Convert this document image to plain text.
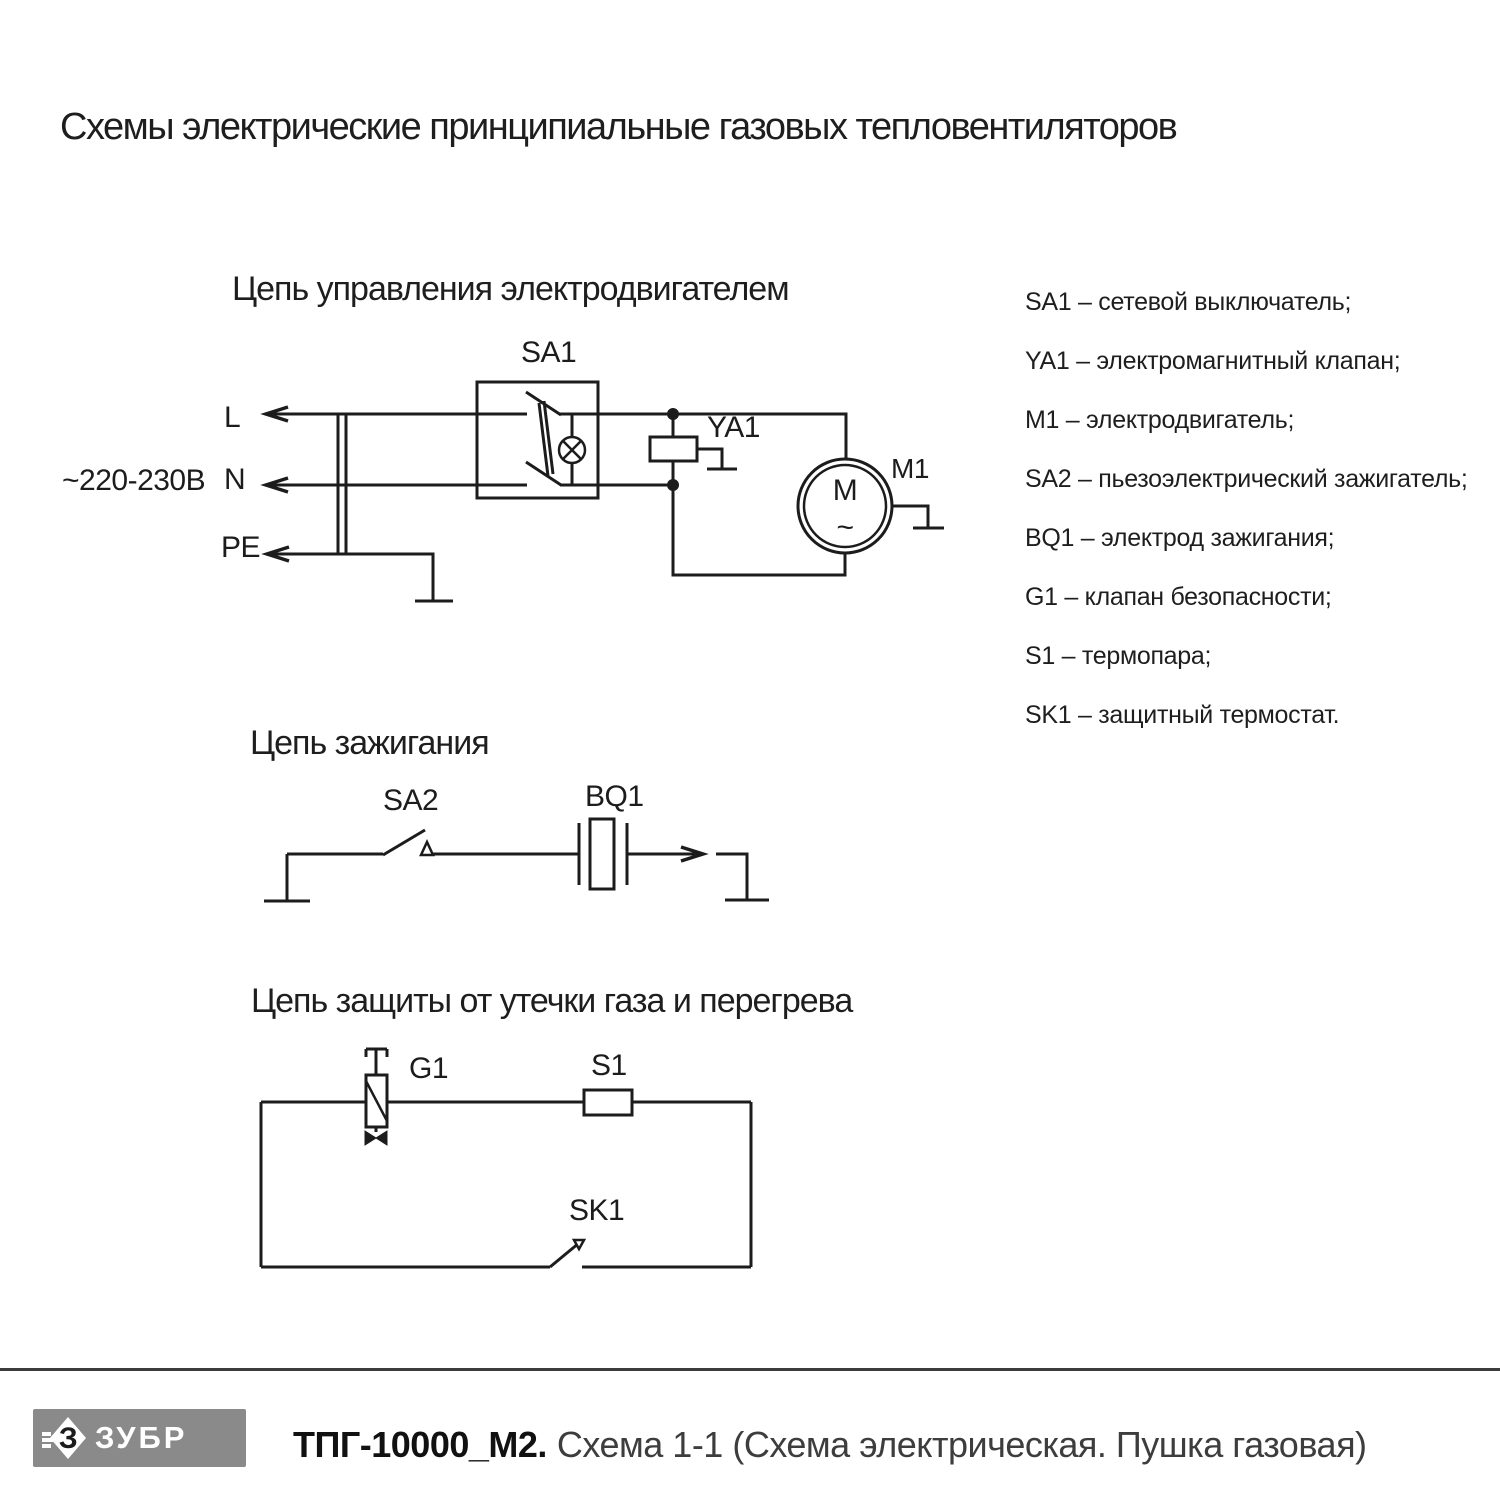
Схемы электрические принципиальные газовых тепловентиляторов
Цепь управления электродвигателем
~220-230В
L
N
PE
SA1
YA1
M1
M
~
SA1 – сетевой выключатель;
YA1 – электромагнитный клапан;
M1 – электродвигатель;
SA2 – пьезоэлектрический зажигатель;
BQ1 – электрод зажигания;
G1 – клапан безопасности;
S1 – термопара;
SK1 – защитный термостат.
Цепь зажигания
SA2	BQ1
Цепь защиты от утечки газа и перегрева
G1	S1
SK1
З ЗУБР	ТПГ-10000_М2. Схема 1-1 (Схема электрическая. Пушка газовая)
